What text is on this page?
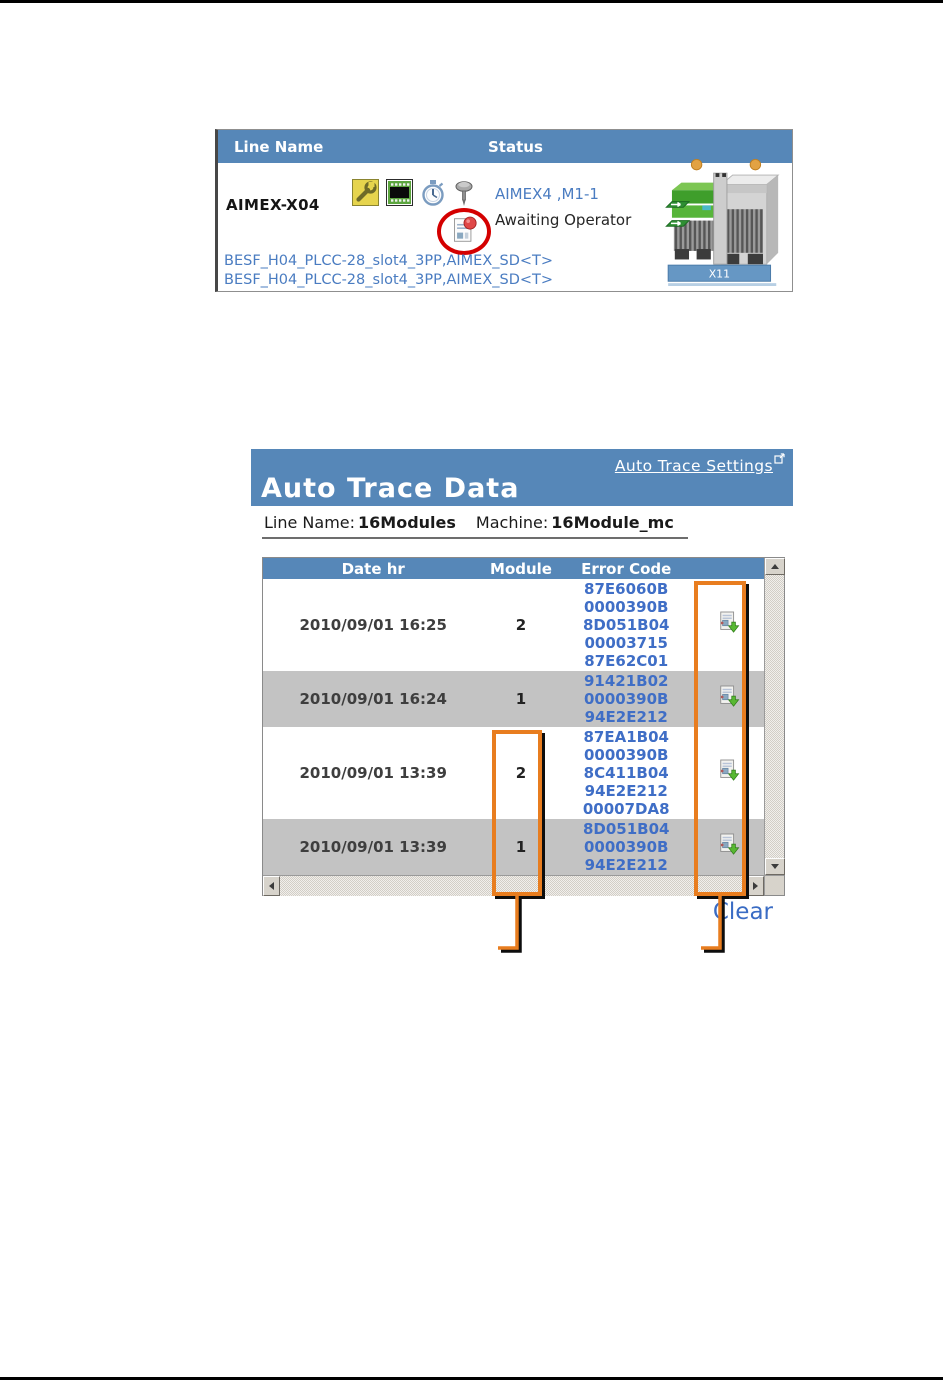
Line Name	Status
AIMEX-X04
AIMEX4 ,M1-1
Awaiting Operator
BESF_H04_PLCC-28_slot4_3PP,AIMEX_SD<T>
BESF_H04_PLCC-28_slot4_3PP,AIMEX_SD<T>	X11
Auto Trace Settings
Auto Trace Data
Line Name: 16Modules Machine: 16Module_mc
Date hr	Module	Error Code
2010/09/01 16:25	2
87E6060B
0000390B
8D051B04
00003715
87E62C01
2010/09/01 16:24	1
91421B02
0000390B
94E2E212
2010/09/01 13:39	2
87EA1B04
0000390B
8C411B04
94E2E212
00007DA8
2010/09/01 13:39	1
8D051B04
0000390B
94E2E212
Clear
